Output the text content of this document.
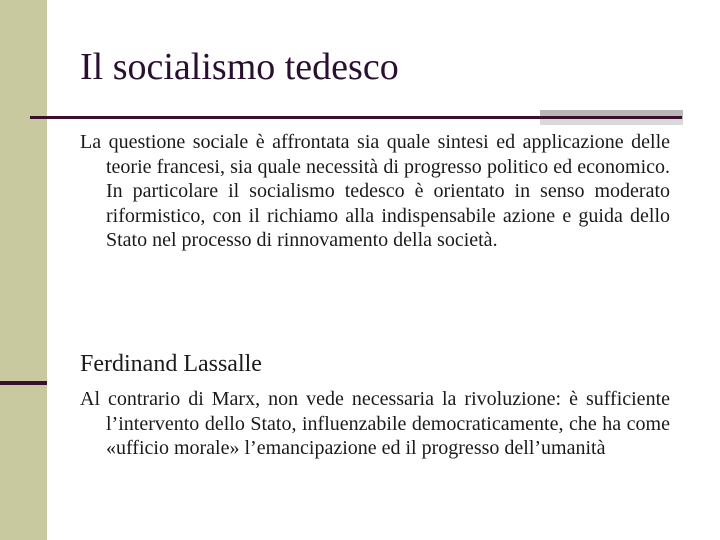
Il socialismo tedesco

La questione sociale è affrontata sia quale sintesi ed applicazione delle teorie francesi, sia quale necessità di progresso politico ed economico. In particolare il socialismo tedesco è orientato in senso moderato riformistico, con il richiamo alla indispensabile azione e guida dello Stato nel processo di rinnovamento della società.

Ferdinand Lassalle

Al contrario di Marx, non vede necessaria la rivoluzione: è sufficiente l’intervento dello Stato, influenzabile democraticamente, che ha come «ufficio morale» l’emancipazione ed il progresso dell’umanità
